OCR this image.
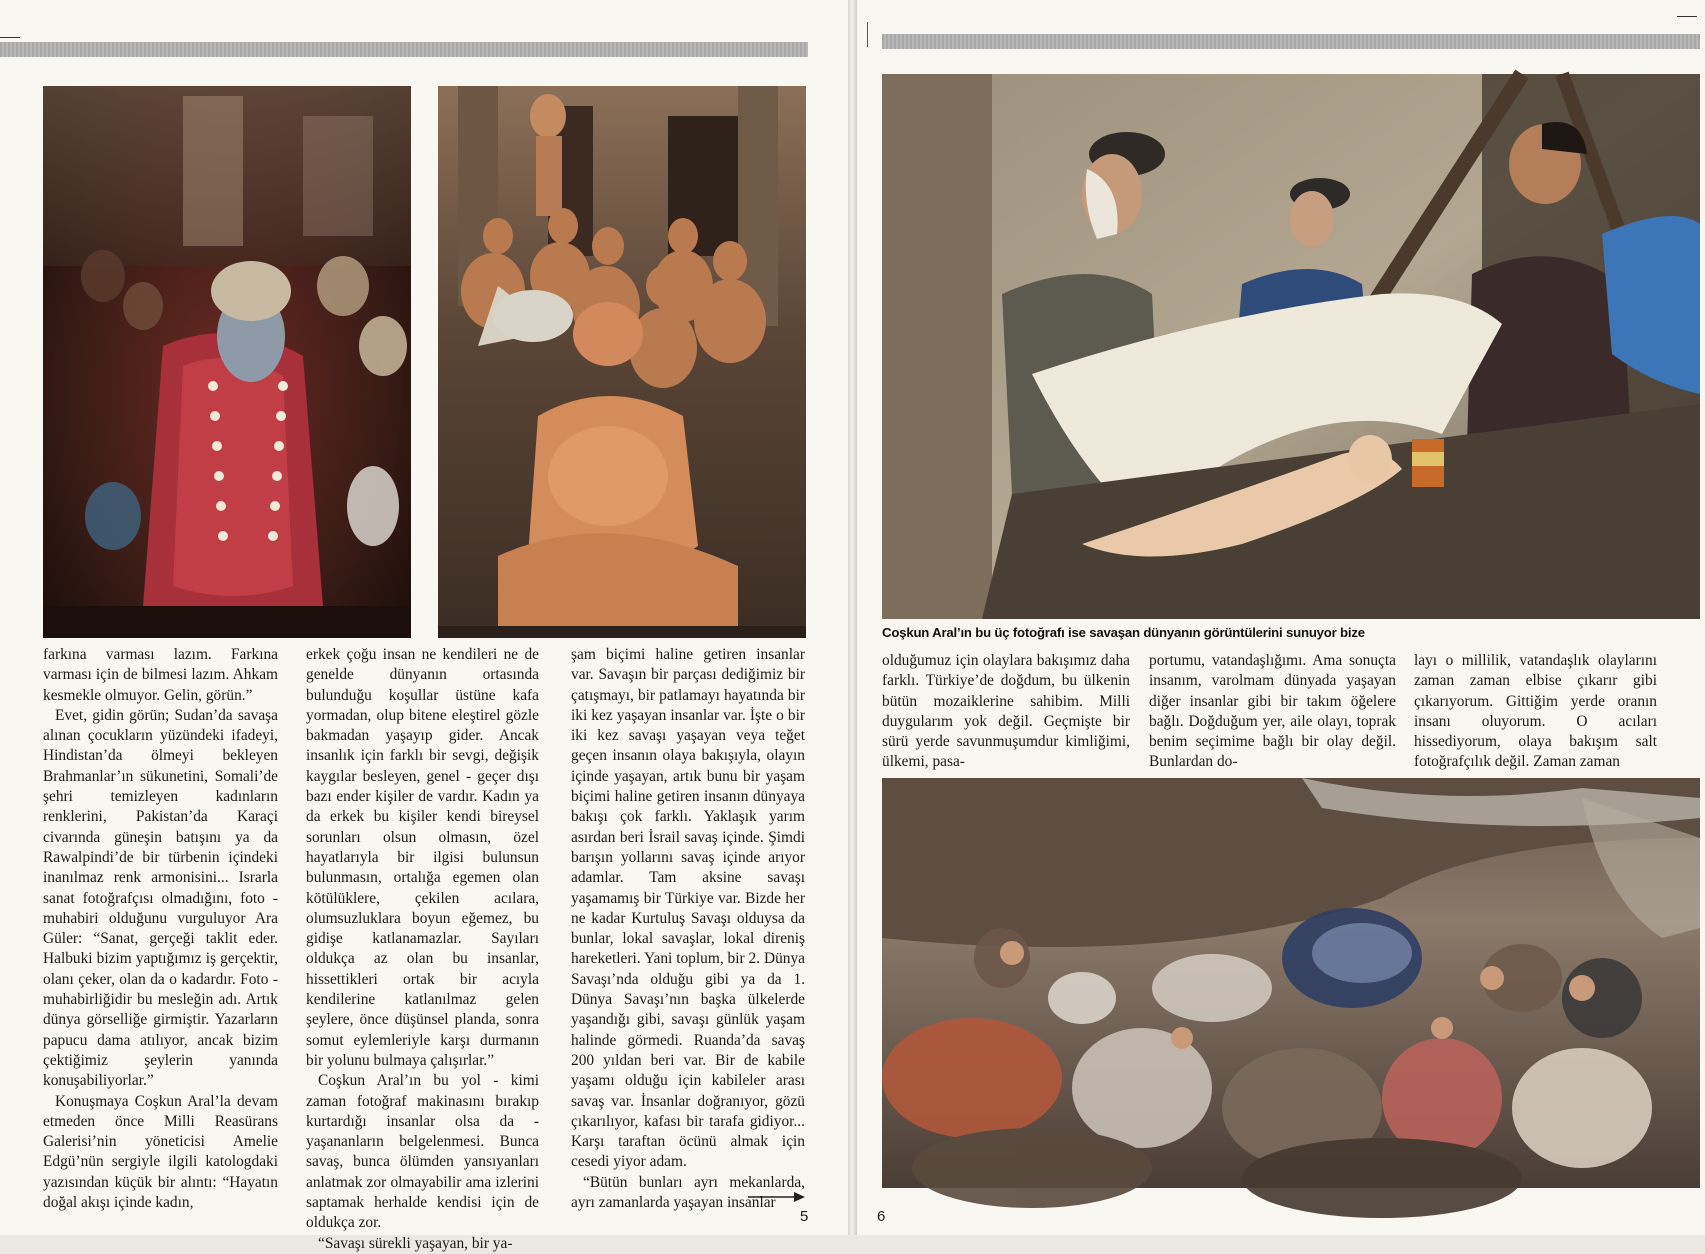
farkına varması lazım. Farkına varması için de bilmesi lazım. Ahkam kesmekle olmuyor. Gelin, görün.”

Evet, gidin görün; Sudan’da savaşa alınan çocukların yüzündeki ifadeyi, Hindistan’da ölmeyi bekleyen Brahmanlar’ın sükunetini, Somali’de şehri temizleyen kadınların renklerini, Pakistan’da Karaçi civarında güneşin batışını ya da Rawalpindi’de bir türbenin içindeki inanılmaz renk armonisini... Israrla sanat fotoğrafçısı olmadığını, foto - muhabiri olduğunu vurguluyor Ara Güler: “Sanat, gerçeği taklit eder. Halbuki bizim yaptığımız iş gerçektir, olanı çeker, olan da o kadardır. Foto - muhabirliğidir bu mesleğin adı. Artık dünya görselliğe girmiştir. Yazarların papucu dama atılıyor, ancak bizim çektiğimiz şeylerin yanında konuşabiliyorlar.”

Konuşmaya Coşkun Aral’la devam etmeden önce Milli Reasürans Galerisi’nin yöneticisi Amelie Edgü’nün sergiyle ilgili katologdaki yazısından küçük bir alıntı: “Hayatın doğal akışı içinde kadın,

erkek çoğu insan ne kendileri ne de genelde dünyanın ortasında bulunduğu koşullar üstüne kafa yormadan, olup bitene eleştirel gözle bakmadan yaşayıp gider. Ancak insanlık için farklı bir sevgi, değişik kaygılar besleyen, genel - geçer dışı bazı ender kişiler de vardır. Kadın ya da erkek bu kişiler kendi bireysel sorunları olsun olmasın, özel hayatlarıyla bir ilgisi bulunsun bulunmasın, ortalığa egemen olan kötülüklere, çekilen acılara, olumsuzluklara boyun eğemez, bu gidişe katlanamazlar. Sayıları oldukça az olan bu insanlar, hissettikleri ortak bir acıyla kendilerine katlanılmaz gelen şeylere, önce düşünsel planda, sonra somut eylemleriyle karşı durmanın bir yolunu bulmaya çalışırlar.”

Coşkun Aral’ın bu yol - kimi zaman fotoğraf makinasını bırakıp kurtardığı insanlar olsa da - yaşananların belgelenmesi. Bunca savaş, bunca ölümden yansıyanları anlatmak zor olmayabilir ama izlerini saptamak herhalde kendisi için de oldukça zor.

“Savaşı sürekli yaşayan, bir ya-

şam biçimi haline getiren insanlar var. Savaşın bir parçası dediğimiz bir çatışmayı, bir patlamayı hayatında bir iki kez yaşayan insanlar var. İşte o bir iki kez savaşı yaşayan veya teğet geçen insanın olaya bakışıyla, olayın içinde yaşayan, artık bunu bir yaşam biçimi haline getiren insanın dünyaya bakışı çok farklı. Yaklaşık yarım asırdan beri İsrail savaş içinde. Şimdi barışın yollarını savaş içinde arıyor adamlar. Tam aksine savaşı yaşamamış bir Türkiye var. Bizde her ne kadar Kurtuluş Savaşı olduysa da bunlar, lokal savaşlar, lokal direniş hareketleri. Yani toplum, bir 2. Dünya Savaşı’nda olduğu gibi ya da 1. Dünya Savaşı’nın başka ülkelerde yaşandığı gibi, savaşı günlük yaşam halinde görmedi. Ruanda’da savaş 200 yıldan beri var. Bir de kabile yaşamı olduğu için kabileler arası savaş var. İnsanlar doğranıyor, gözü çıkarılıyor, kafası bir tarafa gidiyor... Karşı taraftan öcünü almak için cesedi yiyor adam.

“Bütün bunları ayrı mekanlarda, ayrı zamanlarda yaşayan insanlar

5
Coşkun Aral’ın bu üç fotoğrafı ise savaşan dünyanın görüntülerini sunuyor bize

olduğumuz için olaylara bakışımız daha farklı. Türkiye’de doğdum, bu ülkenin bütün mozaiklerine sahibim. Milli duygularım yok değil. Geçmişte bir sürü yerde savunmuşumdur kimliğimi, ülkemi, pasa-

portumu, vatandaşlığımı. Ama sonuçta insanım, varolmam dünyada yaşayan diğer insanlar gibi bir takım öğelere bağlı. Doğduğum yer, aile olayı, toprak benim seçimime bağlı bir olay değil. Bunlardan do-

layı o millilik, vatandaşlık olaylarını zaman zaman elbise çıkarır gibi çıkarıyorum. Gittiğim yerde oranın insanı oluyorum. O acıları hissediyorum, olaya bakışım salt fotoğrafçılık değil. Zaman zaman

6
